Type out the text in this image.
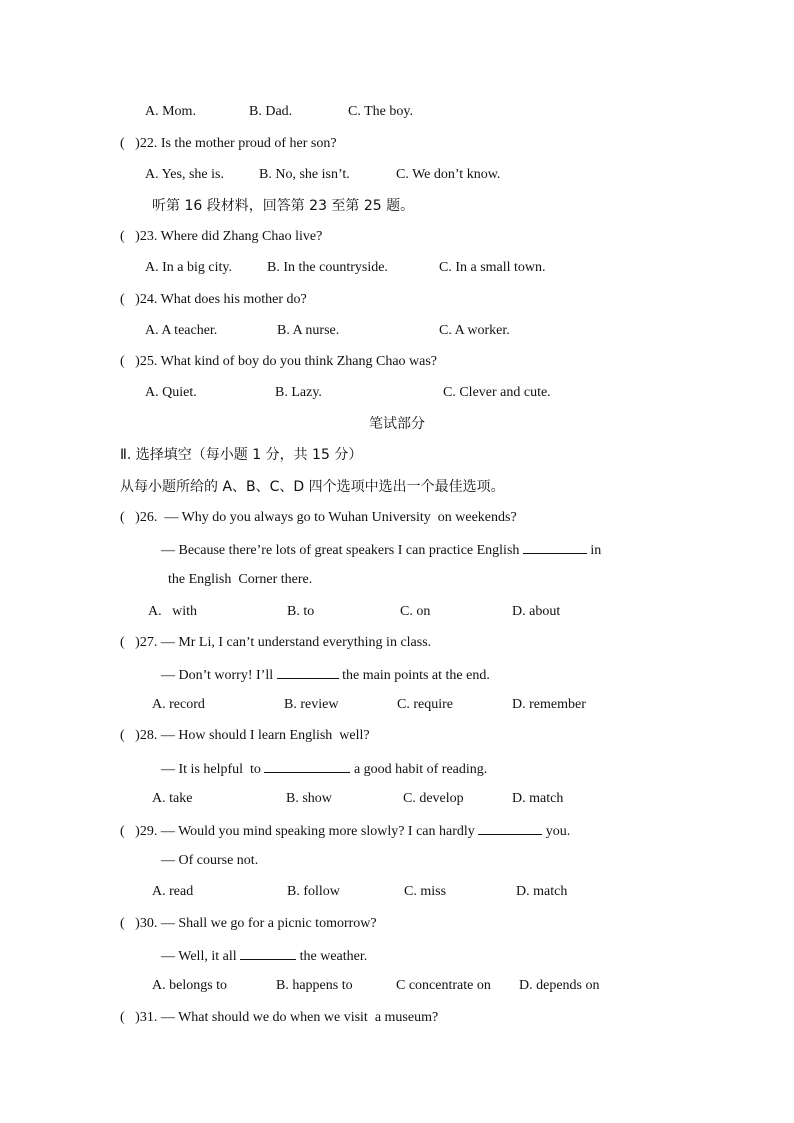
A. Mom.	B. Dad.	C. The boy.
(   )22. Is the mother proud of her son?
A. Yes, she is.	B. No, she isn’t.	C. We don’t know.
听第 16 段材料，回答第 23 至第 25 题。
(   )23. Where did Zhang Chao live?
A. In a big city.	B. In the countryside.	C. In a small town.
(   )24. What does his mother do?
A. A teacher.	B. A nurse.	C. A worker.
(   )25. What kind of boy do you think Zhang Chao was?
A. Quiet.	B. Lazy.	C. Clever and cute.
笔试部分
Ⅱ. 选择填空（每小题 1 分，共 15 分）
从每小题所给的 A、B、C、D 四个选项中选出一个最佳选项。
(   )26.  — Why do you always go to Wuhan University  on weekends?
— Because there’re lots of great speakers I can practice English	in
the English  Corner there.
A.   with	B. to	C. on	D. about
(   )27. — Mr Li, I can’t understand everything in class.
— Don’t worry! I’ll	the main points at the end.
A. record	B. review	C. require	D. remember
(   )28. — How should I learn English  well?
— It is helpful  to	a good habit of reading.
A. take	B. show	C. develop	D. match
(   )29. — Would you mind speaking more slowly? I can hardly	you.
— Of course not.
A. read	B. follow	C. miss	D. match
(   )30. — Shall we go for a picnic tomorrow?
— Well, it all	the weather.
A. belongs to	B. happens to	C concentrate on D. depends on
(   )31. — What should we do when we visit  a museum?
